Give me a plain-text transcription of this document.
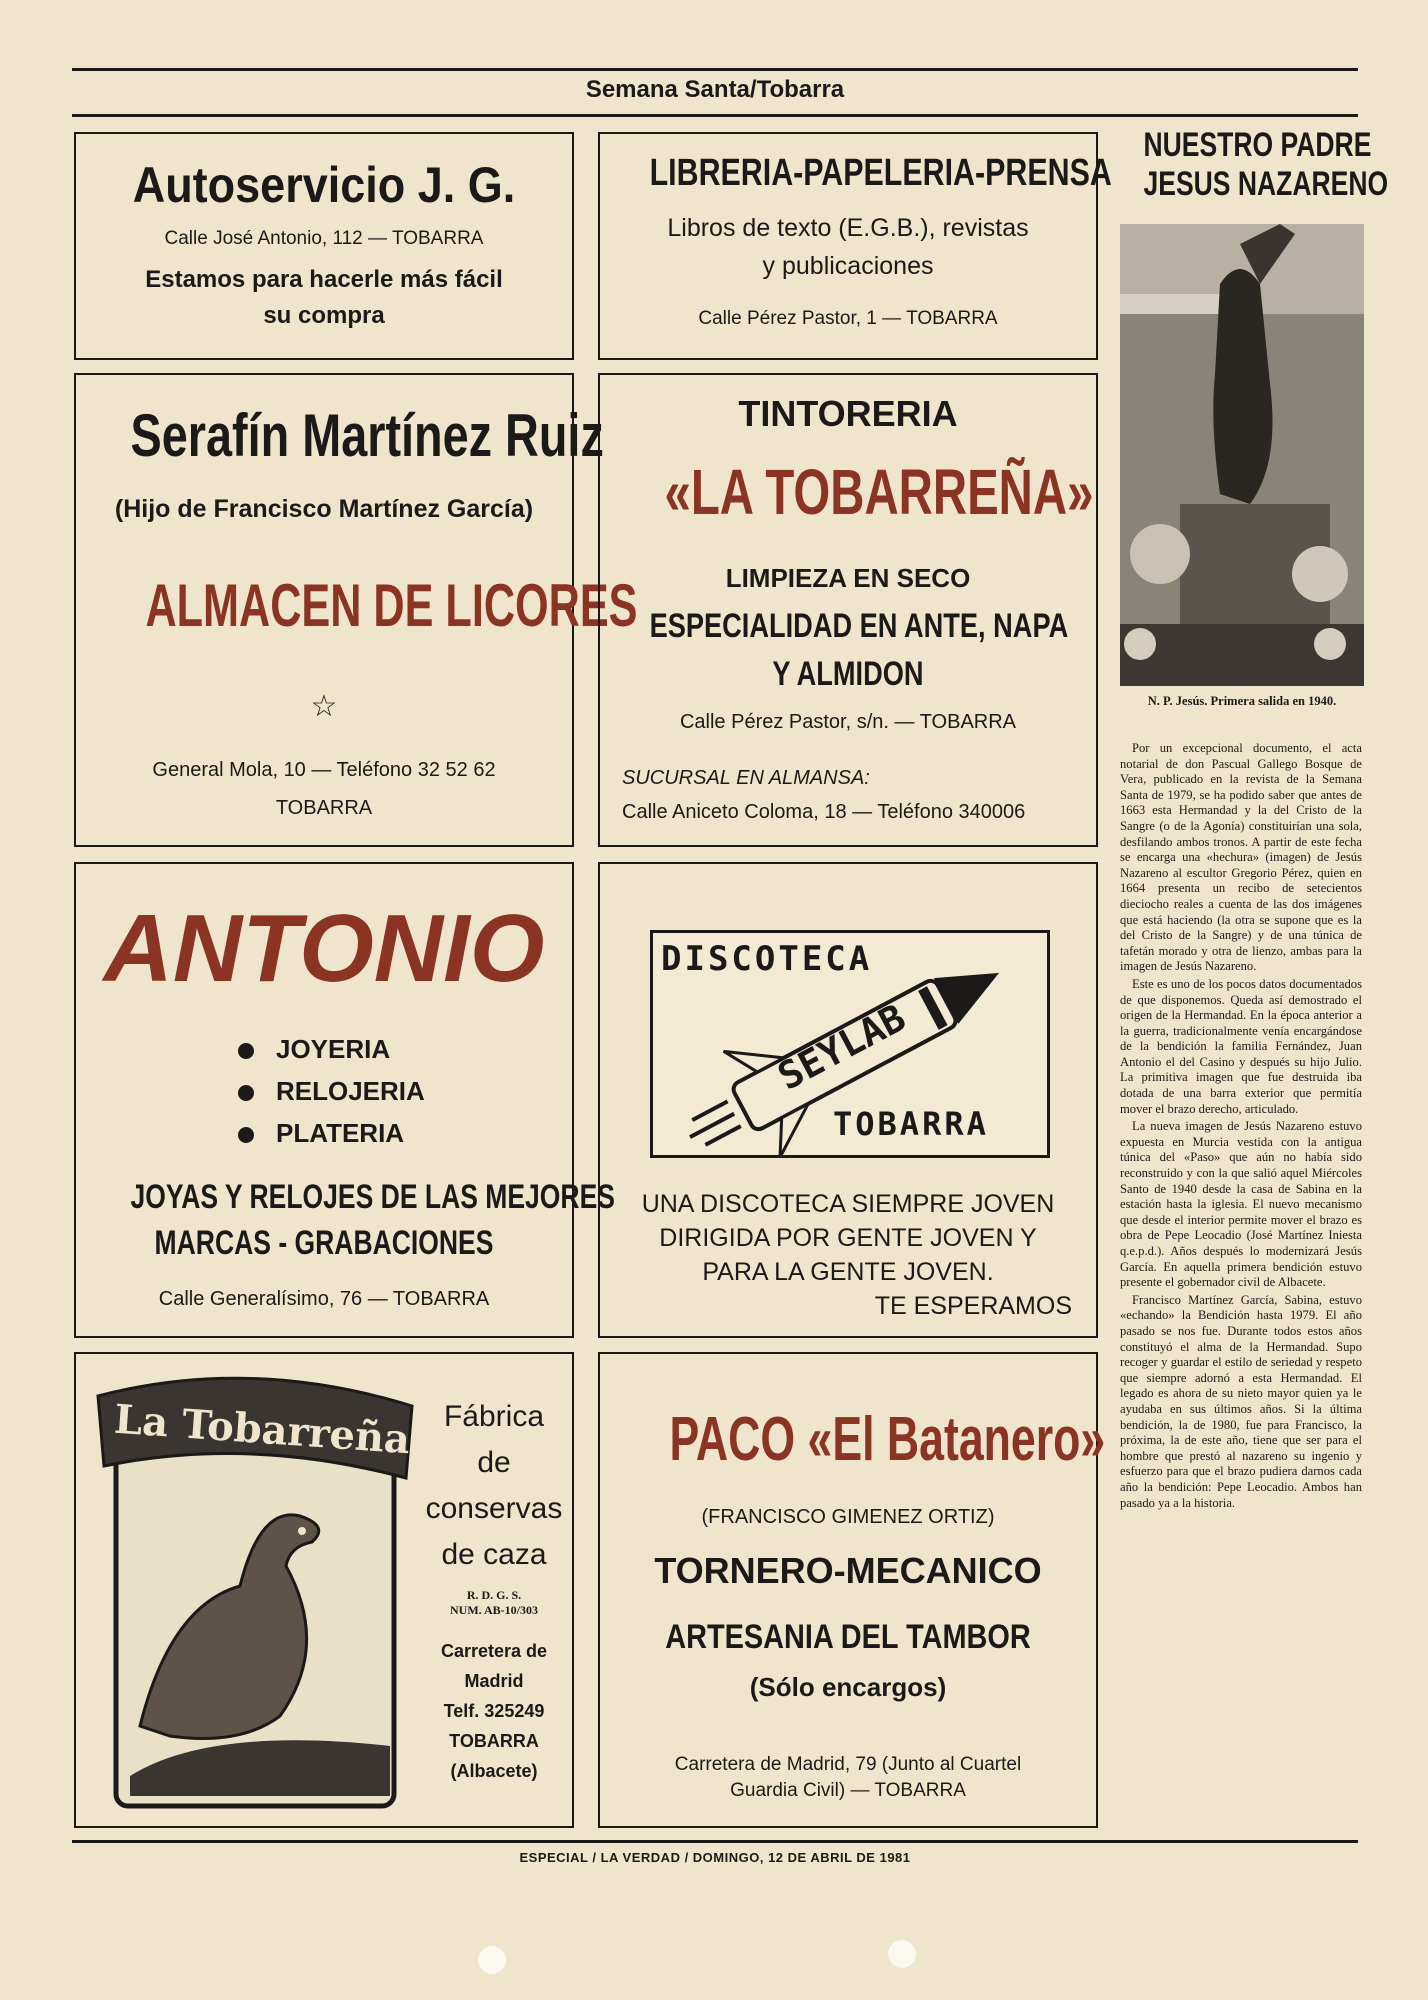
Semana Santa/Tobarra
Autoservicio J. G.
Calle José Antonio, 112 — TOBARRA
Estamos para hacerle más fácil
su compra
LIBRERIA-PAPELERIA-PRENSA
Libros de texto (E.G.B.), revistas
y publicaciones
Calle Pérez Pastor, 1 — TOBARRA
Serafín Martínez Ruiz
(Hijo de Francisco Martínez García)
ALMACEN DE LICORES
☆
General Mola, 10 — Teléfono 32 52 62
TOBARRA
TINTORERIA
«LA TOBARREÑA»
LIMPIEZA EN SECO
ESPECIALIDAD EN ANTE, NAPA
Y ALMIDON
Calle Pérez Pastor, s/n. — TOBARRA
SUCURSAL EN ALMANSA:
Calle Aniceto Coloma, 18 — Teléfono 340006
ANTONIO
JOYERIA
RELOJERIA
PLATERIA
JOYAS Y RELOJES DE LAS MEJORES
MARCAS - GRABACIONES
Calle Generalísimo, 76 — TOBARRA
DISCOTECA
SEYLAB
TOBARRA
UNA DISCOTECA SIEMPRE JOVEN
DIRIGIDA POR GENTE JOVEN Y
PARA LA GENTE JOVEN.
TE ESPERAMOS
La Tobarreña	Fábrica
de
conservas
de caza
R. D. G. S.
NUM. AB-10/303
Carretera de
Madrid
Telf. 325249
TOBARRA
(Albacete)
PACO «El Batanero»
(FRANCISCO GIMENEZ ORTIZ)
TORNERO-MECANICO
ARTESANIA DEL TAMBOR
(Sólo encargos)
Carretera de Madrid, 79 (Junto al Cuartel
Guardia Civil) — TOBARRA
NUESTRO PADRE
JESUS NAZARENO
N. P. Jesús. Primera salida en 1940.

Por un excepcional documento, el acta notarial de don Pascual Gallego Bosque de Vera, publicado en la revista de la Semana Santa de 1979, se ha podido saber que antes de 1663 esta Hermandad y la del Cristo de la Sangre (o de la Agonía) constituirían una sola, desfilando ambos tronos. A partir de este fecha se encarga una «hechura» (imagen) de Jesús Nazareno al escultor Gregorio Pérez, quien en 1664 presenta un recibo de setecientos dieciocho reales a cuenta de las dos imágenes que está haciendo (la otra se supone que es la del Cristo de la Sangre) y de una túnica de tafetán morado y otra de lienzo, ambas para la imagen de Jesús Nazareno.

Este es uno de los pocos datos documentados de que disponemos. Queda así demostrado el origen de la Hermandad. En la época anterior a la guerra, tradicionalmente venía encargándose de la bendición la familia Fernández, Juan Antonio el del Casino y después su hijo Julio. La primitiva imagen que fue destruida iba dotada de una barra exterior que permitía mover el brazo derecho, articulado.

La nueva imagen de Jesús Nazareno estuvo expuesta en Murcia vestida con la antigua túnica del «Paso» que aún no había sido reconstruido y con la que salió aquel Miércoles Santo de 1940 desde la casa de Sabina en la estación hasta la iglesia. El nuevo mecanismo que desde el interior permite mover el brazo es obra de Pepe Leocadio (José Martínez Iniesta q.e.p.d.). Años después lo modernizará Jesús García. En aquella primera bendición estuvo presente el gobernador civil de Albacete.

Francisco Martínez García, Sabina, estuvo «echando» la Bendición hasta 1979. El año pasado se nos fue. Durante todos estos años constituyó el alma de la Hermandad. Supo recoger y guardar el estilo de seriedad y respeto que siempre adornó a esta Hermandad. El legado es ahora de su nieto mayor quien ya le ayudaba en sus últimos años. Si la última bendición, la de 1980, fue para Francisco, la próxima, la de este año, tiene que ser para el hombre que prestó al nazareno su ingenio y esfuerzo para que el brazo pudiera darnos cada año la bendición: Pepe Leocadio. Ambos han pasado ya a la historia.

ESPECIAL / LA VERDAD / DOMINGO, 12 DE ABRIL DE 1981
